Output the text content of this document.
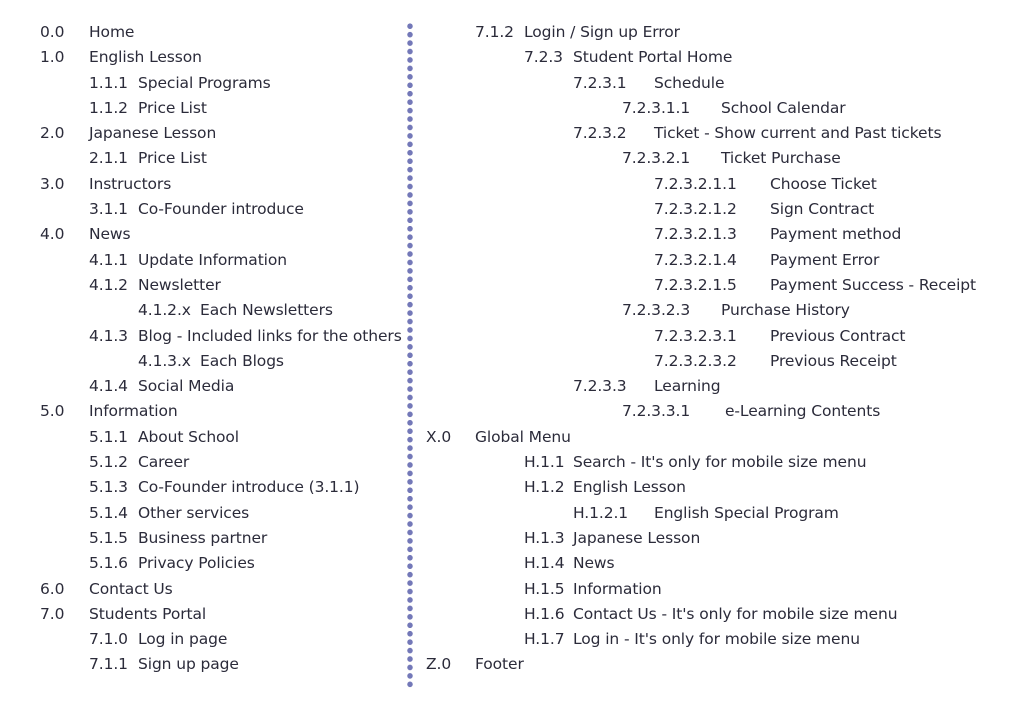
0.0 Home
1.0 English Lesson
1.1.1 Special Programs
1.1.2 Price List
2.0 Japanese Lesson
2.1.1 Price List
3.0 Instructors
3.1.1 Co-Founder introduce
4.0 News
4.1.1 Update Information
4.1.2 Newsletter
4.1.2.x Each Newsletters
4.1.3 Blog - Included links for the others
4.1.3.x Each Blogs
4.1.4 Social Media
5.0 Information
5.1.1 About School
5.1.2 Career
5.1.3 Co-Founder introduce (3.1.1)
5.1.4 Other services
5.1.5 Business partner
5.1.6 Privacy Policies
6.0 Contact Us
7.0 Students Portal
7.1.0 Log in page
7.1.1 Sign up page
7.1.2 Login / Sign up Error
7.2.3 Student Portal Home
7.2.3.1 Schedule
7.2.3.1.1 School Calendar
7.2.3.2 Ticket - Show current and Past tickets
7.2.3.2.1 Ticket Purchase
7.2.3.2.1.1 Choose Ticket
7.2.3.2.1.2 Sign Contract
7.2.3.2.1.3 Payment method
7.2.3.2.1.4 Payment Error
7.2.3.2.1.5 Payment Success - Receipt
7.2.3.2.3 Purchase History
7.2.3.2.3.1 Previous Contract
7.2.3.2.3.2 Previous Receipt
7.2.3.3 Learning
7.2.3.3.1 e-Learning Contents
X.0 Global Menu
H.1.1 Search - It's only for mobile size menu
H.1.2 English Lesson
H.1.2.1 English Special Program
H.1.3 Japanese Lesson
H.1.4 News
H.1.5 Information
H.1.6 Contact Us - It's only for mobile size menu
H.1.7 Log in - It's only for mobile size menu
Z.0 Footer
